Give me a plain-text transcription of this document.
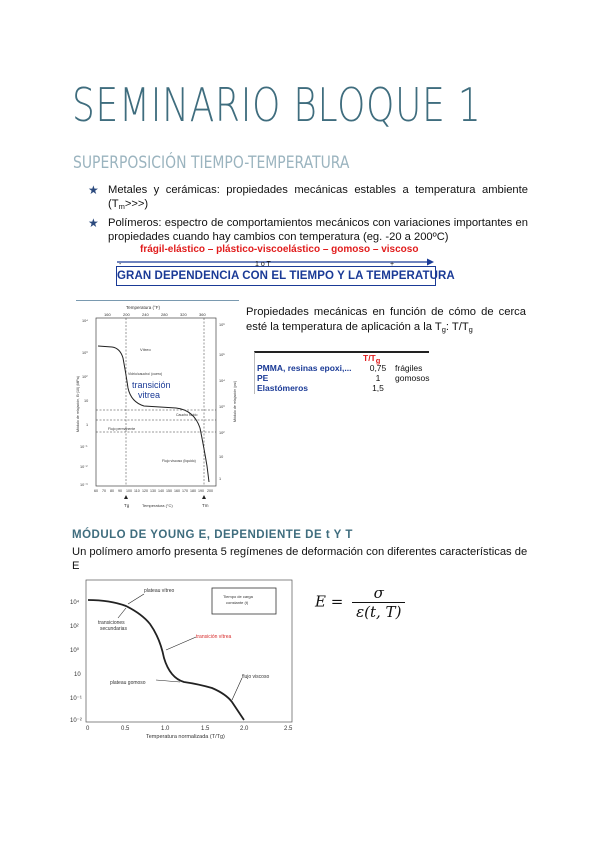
SEMINARIO BLOQUE 1
SUPERPOSICIÓN TIEMPO-TEMPERATURA
★ Metales y cerámicas: propiedades mecánicas estables a temperatura ambiente $(T_m>>>)$
★ Polímeros: espectro de comportamientos mecánicos con variaciones importantes en propiedades cuando hay cambios con temperatura (eg. -20 a 200ºC)
frágil-elástico – plástico-viscoelástico – gomoso – viscoso
-	1 o T	+
GRAN DEPENDENCIA CON EL TIEMPO Y LA TEMPERATURA
Temperatura (°F)
160	200	240	280	320	360
10⁴
10³
10²
10
1
10⁻¹
10⁻²
10⁻³
10⁶
10⁵
10⁴
10³
10²
10
1
Módulo de relajación, Er(10) (MPa)	Módulo de relajación (psi)
Vítreo
Vidrio/caucho/ (cuero)
transición vitrea
Caucho fluido
Flujo permanente
Flujo viscoso (líquido)
60 70 80 90 100 110 120 130 140 150 160 170 180 190 200
Tg	Tm
Temperatura (°C)
Propiedades mecánicas en función de cómo de cerca esté la temperatura de aplicación a la $T_g$: $T/T_g$
$T/T_g$
PMMA, resinas epoxi,...	0,75	frágiles
PE	1	gomosos
Elastómeros	1,5
MÓDULO DE YOUNG E, DEPENDIENTE DE t Y T
Un polímero amorfo presenta 5 regímenes de deformación con diferentes características de E
10⁴
10²
10⁰
10
10⁻¹
10⁻²
0	0.5	1.0	1.5	2.0	2.5
Temperatura normalizada (T/Tg)
Tiempo de carga
constante (t)
plateau vítreo
transiciones secundarias
transición vítrea
plateau gomoso
flujo viscoso
$E = \frac{\sigma}{\varepsilon(t, T)}$
